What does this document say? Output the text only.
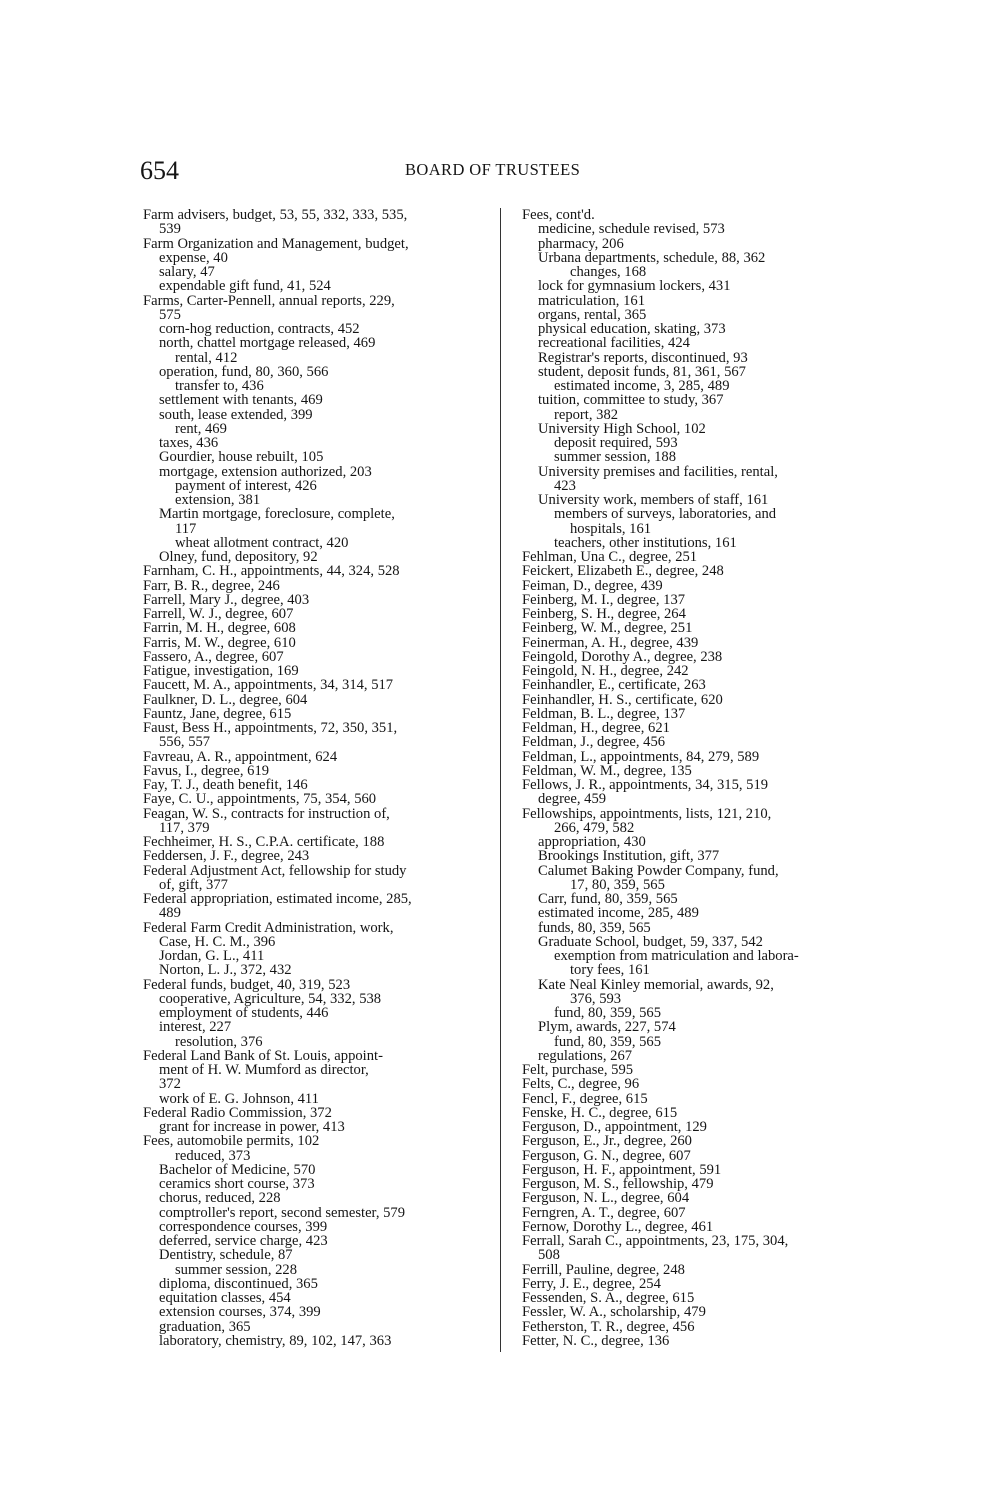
654	BOARD OF TRUSTEES
Farm advisers, budget, 53, 55, 332, 333, 535,
539
Farm Organization and Management, budget,
expense, 40
salary, 47
expendable gift fund, 41, 524
Farms, Carter-Pennell, annual reports, 229,
575
corn-hog reduction, contracts, 452
north, chattel mortgage released, 469
rental, 412
operation, fund, 80, 360, 566
transfer to, 436
settlement with tenants, 469
south, lease extended, 399
rent, 469
taxes, 436
Gourdier, house rebuilt, 105
mortgage, extension authorized, 203
payment of interest, 426
extension, 381
Martin mortgage, foreclosure, complete,
117
wheat allotment contract, 420
Olney, fund, depository, 92
Farnham, C. H., appointments, 44, 324, 528
Farr, B. R., degree, 246
Farrell, Mary J., degree, 403
Farrell, W. J., degree, 607
Farrin, M. H., degree, 608
Farris, M. W., degree, 610
Fassero, A., degree, 607
Fatigue, investigation, 169
Faucett, M. A., appointments, 34, 314, 517
Faulkner, D. L., degree, 604
Fauntz, Jane, degree, 615
Faust, Bess H., appointments, 72, 350, 351,
556, 557
Favreau, A. R., appointment, 624
Favus, I., degree, 619
Fay, T. J., death benefit, 146
Faye, C. U., appointments, 75, 354, 560
Feagan, W. S., contracts for instruction of,
117, 379
Fechheimer, H. S., C.P.A. certificate, 188
Feddersen, J. F., degree, 243
Federal Adjustment Act, fellowship for study
of, gift, 377
Federal appropriation, estimated income, 285,
489
Federal Farm Credit Administration, work,
Case, H. C. M., 396
Jordan, G. L., 411
Norton, L. J., 372, 432
Federal funds, budget, 40, 319, 523
cooperative, Agriculture, 54, 332, 538
employment of students, 446
interest, 227
resolution, 376
Federal Land Bank of St. Louis, appoint-
ment of H. W. Mumford as director,
372
work of E. G. Johnson, 411
Federal Radio Commission, 372
grant for increase in power, 413
Fees, automobile permits, 102
reduced, 373
Bachelor of Medicine, 570
ceramics short course, 373
chorus, reduced, 228
comptroller's report, second semester, 579
correspondence courses, 399
deferred, service charge, 423
Dentistry, schedule, 87
summer session, 228
diploma, discontinued, 365
equitation classes, 454
extension courses, 374, 399
graduation, 365
laboratory, chemistry, 89, 102, 147, 363
Fees, cont'd.
medicine, schedule revised, 573
pharmacy, 206
Urbana departments, schedule, 88, 362
changes, 168
lock for gymnasium lockers, 431
matriculation, 161
organs, rental, 365
physical education, skating, 373
recreational facilities, 424
Registrar's reports, discontinued, 93
student, deposit funds, 81, 361, 567
estimated income, 3, 285, 489
tuition, committee to study, 367
report, 382
University High School, 102
deposit required, 593
summer session, 188
University premises and facilities, rental,
423
University work, members of staff, 161
members of surveys, laboratories, and
hospitals, 161
teachers, other institutions, 161
Fehlman, Una C., degree, 251
Feickert, Elizabeth E., degree, 248
Feiman, D., degree, 439
Feinberg, M. I., degree, 137
Feinberg, S. H., degree, 264
Feinberg, W. M., degree, 251
Feinerman, A. H., degree, 439
Feingold, Dorothy A., degree, 238
Feingold, N. H., degree, 242
Feinhandler, E., certificate, 263
Feinhandler, H. S., certificate, 620
Feldman, B. L., degree, 137
Feldman, H., degree, 621
Feldman, J., degree, 456
Feldman, L., appointments, 84, 279, 589
Feldman, W. M., degree, 135
Fellows, J. R., appointments, 34, 315, 519
degree, 459
Fellowships, appointments, lists, 121, 210,
266, 479, 582
appropriation, 430
Brookings Institution, gift, 377
Calumet Baking Powder Company, fund,
17, 80, 359, 565
Carr, fund, 80, 359, 565
estimated income, 285, 489
funds, 80, 359, 565
Graduate School, budget, 59, 337, 542
exemption from matriculation and labora-
tory fees, 161
Kate Neal Kinley memorial, awards, 92,
376, 593
fund, 80, 359, 565
Plym, awards, 227, 574
fund, 80, 359, 565
regulations, 267
Felt, purchase, 595
Felts, C., degree, 96
Fencl, F., degree, 615
Fenske, H. C., degree, 615
Ferguson, D., appointment, 129
Ferguson, E., Jr., degree, 260
Ferguson, G. N., degree, 607
Ferguson, H. F., appointment, 591
Ferguson, M. S., fellowship, 479
Ferguson, N. L., degree, 604
Ferngren, A. T., degree, 607
Fernow, Dorothy L., degree, 461
Ferrall, Sarah C., appointments, 23, 175, 304,
508
Ferrill, Pauline, degree, 248
Ferry, J. E., degree, 254
Fessenden, S. A., degree, 615
Fessler, W. A., scholarship, 479
Fetherston, T. R., degree, 456
Fetter, N. C., degree, 136
